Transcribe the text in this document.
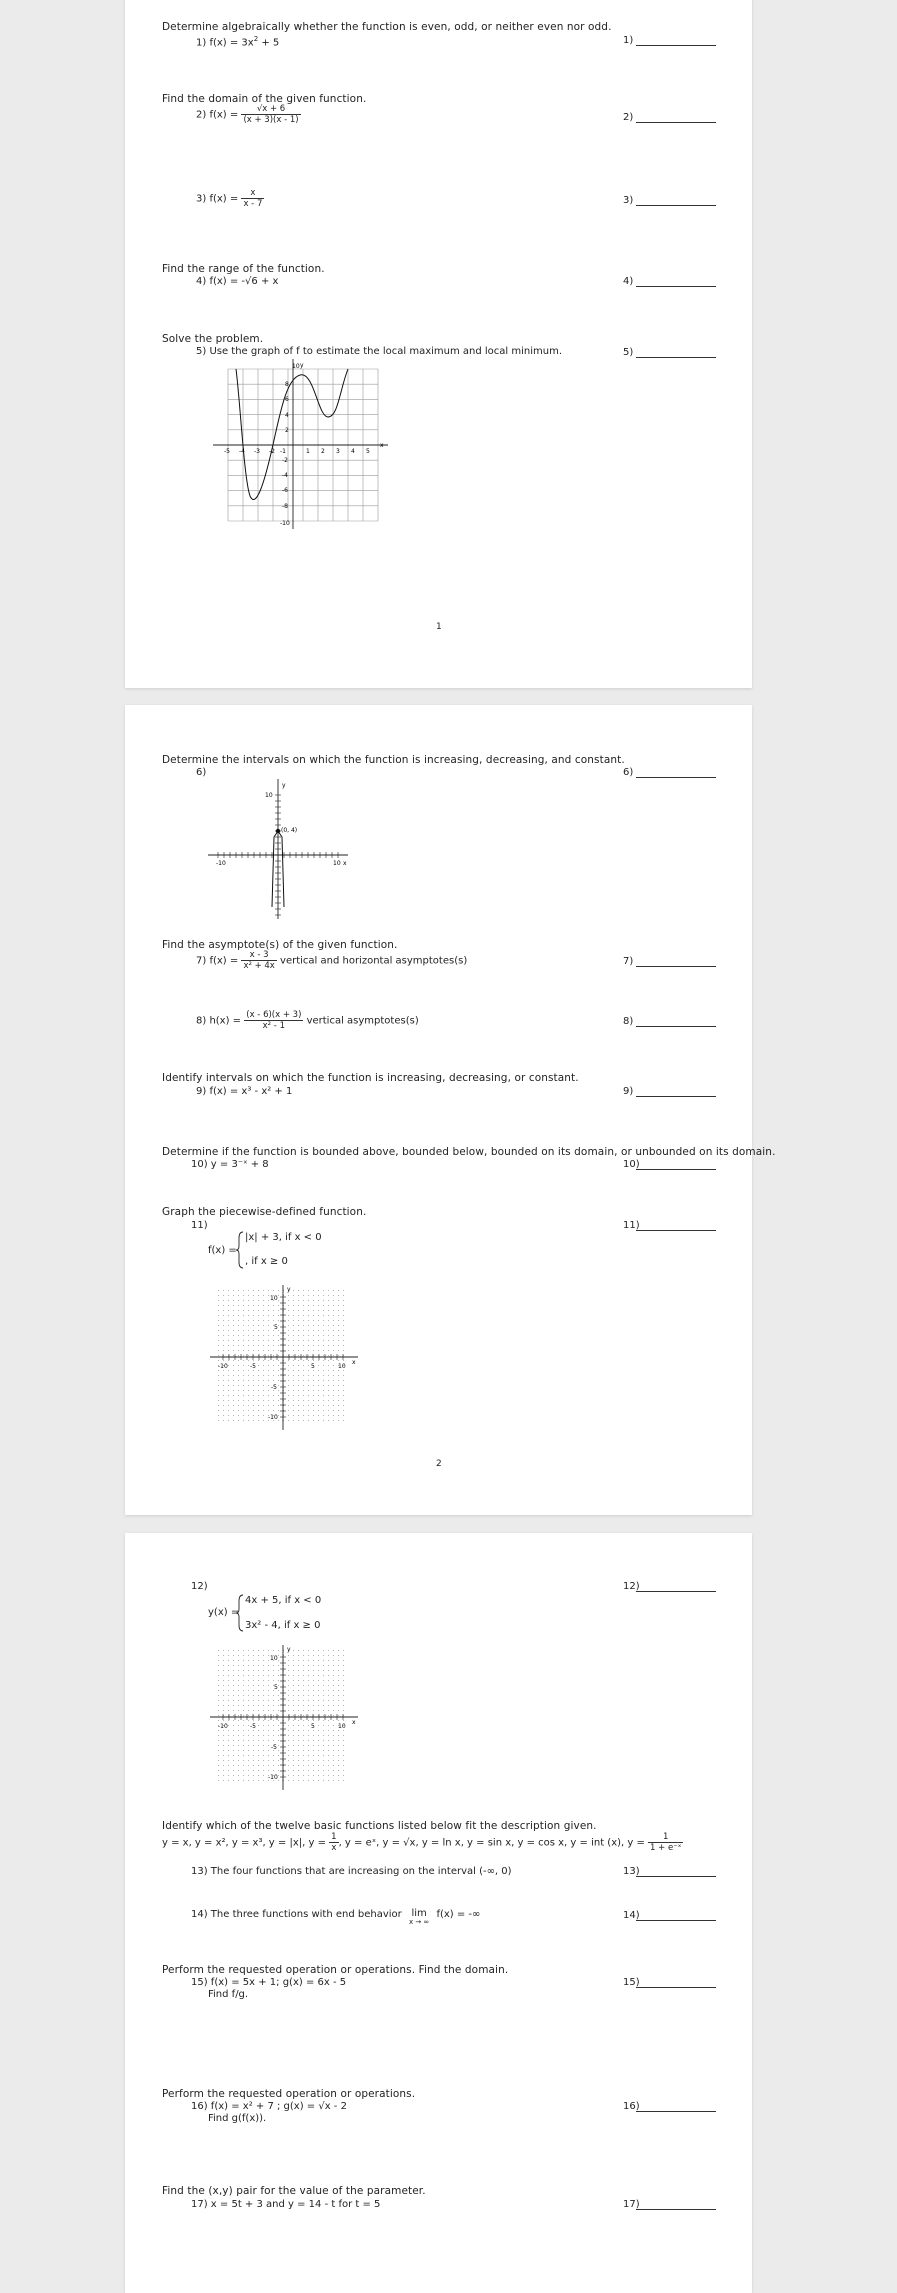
Determine algebraically whether the function is even, odd, or neither even nor odd.
1) $f(x) = 3x^2 + 5$	1)
Find the domain of the given function.
2) $f(x) = \frac{√x + 6}{(x + 3)(x - 1)}$	2)
3) $f(x) = \frac{x}{x - 7}$	3)
Find the range of the function.
4) f(x) = -√6 + x	4)
Solve the problem.
5) Use the graph of f to estimate the local maximum and local minimum.	5)
10
8
6
4
2
-2
-4
-6
-8
-10
y
x
-5 -4 -3 -2 -1	1 2 3 4 5
1
Determine the intervals on which the function is increasing, decreasing, and constant.
6)	6)
(0, 4)
10
y
-10	10 x
Find the asymptote(s) of the given function.
7) $f(x) = \frac{x - 3}{\text{x² + 4x}}$ vertical and horizontal asymptotes(s)	7)
8) $h(x) = \frac{(x - 6)(x + 3)}{\text{x² - 1}}$ vertical asymptotes(s)	8)
Identify intervals on which the function is increasing, decreasing, or constant.
9) f(x) = x³ - x² + 1	9)
Determine if the function is bounded above, bounded below, bounded on its domain, or unbounded on its domain.
10) y = 3⁻ˣ + 8	10)
Graph the piecewise-defined function.
11)	11)
f(x) =
|x| + 3, if x < 0
, if x ≥ 0
10
5
-5
-10
y
-10	-5	5	10
x
2
12)	12)
y(x) =
4x + 5, if x < 0
3x² - 4, if x ≥ 0
10
5
-5
-10
y
-10	-5	5	10
x
Identify which of the twelve basic functions listed below fit the description given.
y = x, y = x², y = x³, y = |x|, $y = \frac{1}{x}$ , y = eˣ, y = √x, y = ln x, y = sin x, y = cos x, y = int (x), $y = \frac{1}{\text{1 + e⁻ˣ}}$
13) The four functions that are increasing on the interval (-∞, 0)	13)
14) The three functions with end behavior lim
x → ∞
f(x) = -∞	14)
Perform the requested operation or operations. Find the domain.
15) f(x) = 5x + 1; g(x) = 6x - 5
Find f/g.
15)
Perform the requested operation or operations.
16) f(x) = x² + 7 ; g(x) = √x - 2
Find g(f(x)).
16)
Find the (x,y) pair for the value of the parameter.
17) x = 5t + 3 and y = 14 - t for t = 5	17)
